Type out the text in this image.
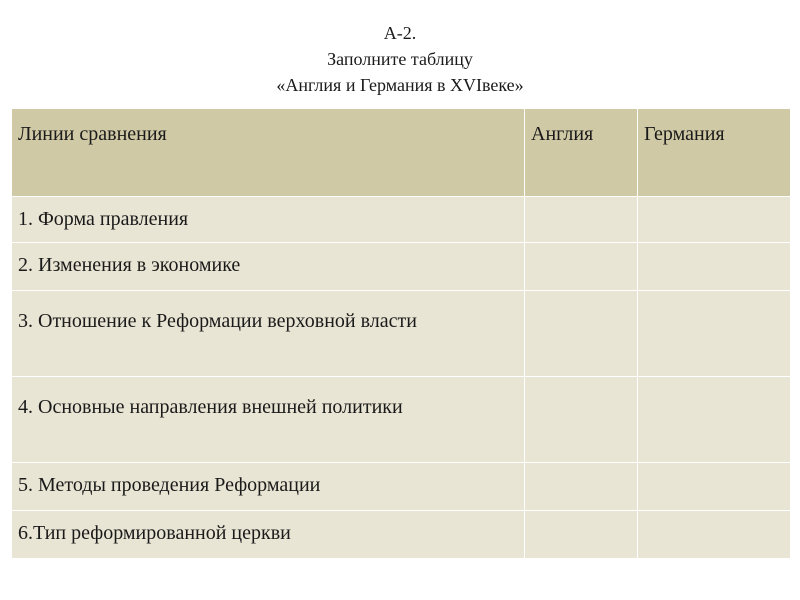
А-2.
Заполните таблицу
«Англия и Германия в XVIвеке»
Линии сравнения	Англия	Германия
1. Форма правления		
2. Изменения в экономике		
3. Отношение к Реформации верховной власти		
4. Основные направления внешней политики		
5. Методы проведения Реформации		
6.Тип реформированной церкви		
